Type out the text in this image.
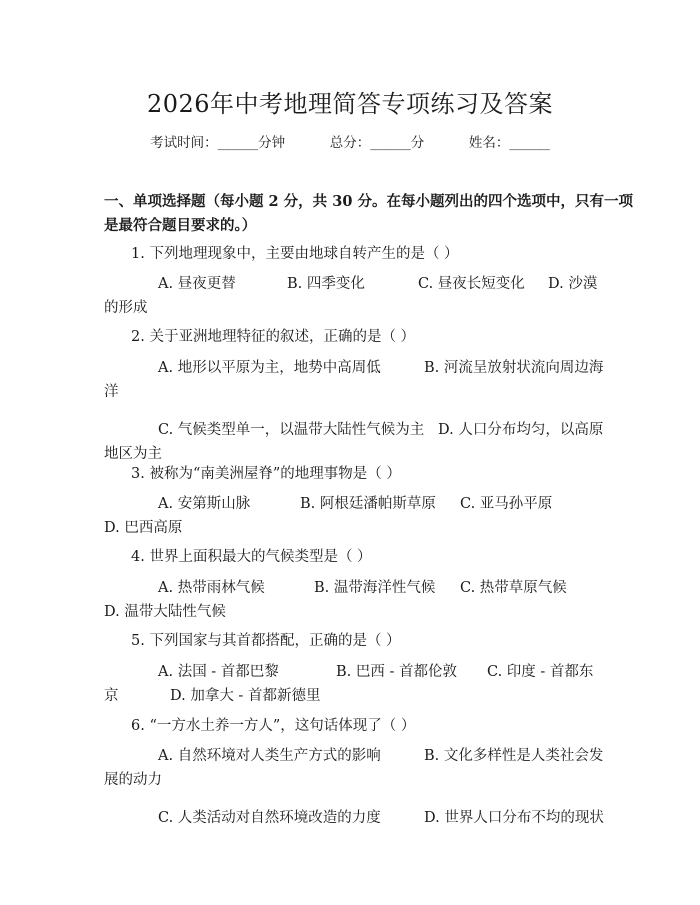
2026年中考地理简答专项练习及答案
考试时间：______分钟	总分：______分	姓名：______
一、单项选择题（每小题 2 分，共 30 分。在每小题列出的四个选项中，只有一项
是最符合题目要求的。）
1. 下列地理现象中，主要由地球自转产生的是（ ）
A. 昼夜更替	B. 四季变化	C. 昼夜长短变化 D. 沙漠
的形成
2. 关于亚洲地理特征的叙述，正确的是（ ）
A. 地形以平原为主，地势中高周低	B. 河流呈放射状流向周边海
洋
C. 气候类型单一，以温带大陆性气候为主 D. 人口分布均匀，以高原
地区为主
3. 被称为“南美洲屋脊”的地理事物是（ ）
A. 安第斯山脉	B. 阿根廷潘帕斯草原 C. 亚马孙平原
D. 巴西高原
4. 世界上面积最大的气候类型是（ ）
A. 热带雨林气候	B. 温带海洋性气候 C. 热带草原气候
D. 温带大陆性气候
5. 下列国家与其首都搭配，正确的是（ ）
A. 法国 - 首都巴黎	B. 巴西 - 首都伦敦 C. 印度 - 首都东
京	D. 加拿大 - 首都新德里
6. “一方水土养一方人”，这句话体现了（ ）
A. 自然环境对人类生产方式的影响	B. 文化多样性是人类社会发
展的动力
C. 人类活动对自然环境改造的力度	D. 世界人口分布不均的现状
